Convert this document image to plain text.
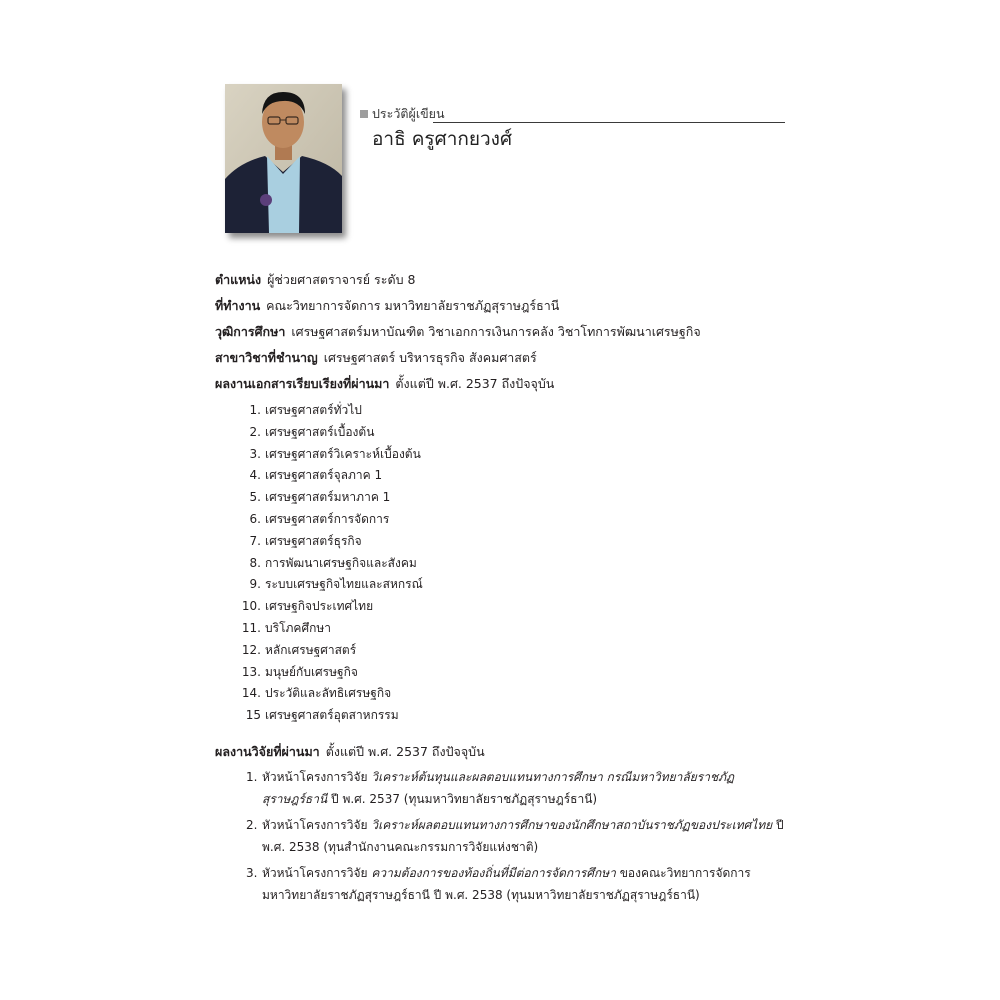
ประวัติผู้เขียน
อาธิ ครูศากยวงศ์
ตำแหน่ง ผู้ช่วยศาสตราจารย์ ระดับ 8
ที่ทำงาน คณะวิทยาการจัดการ มหาวิทยาลัยราชภัฏสุราษฎร์ธานี
วุฒิการศึกษา เศรษฐศาสตร์มหาบัณฑิต วิชาเอกการเงินการคลัง วิชาโทการพัฒนาเศรษฐกิจ
สาขาวิชาที่ชำนาญ เศรษฐศาสตร์ บริหารธุรกิจ สังคมศาสตร์
ผลงานเอกสารเรียบเรียงที่ผ่านมา ตั้งแต่ปี พ.ศ. 2537 ถึงปัจจุบัน
1. เศรษฐศาสตร์ทั่วไป
2. เศรษฐศาสตร์เบื้องต้น
3. เศรษฐศาสตร์วิเคราะห์เบื้องต้น
4. เศรษฐศาสตร์จุลภาค 1
5. เศรษฐศาสตร์มหาภาค 1
6. เศรษฐศาสตร์การจัดการ
7. เศรษฐศาสตร์ธุรกิจ
8. การพัฒนาเศรษฐกิจและสังคม
9. ระบบเศรษฐกิจไทยและสหกรณ์
10. เศรษฐกิจประเทศไทย
11. บริโภคศึกษา
12. หลักเศรษฐศาสตร์
13. มนุษย์กับเศรษฐกิจ
14. ประวัติและลัทธิเศรษฐกิจ
15 เศรษฐศาสตร์อุตสาหกรรม
ผลงานวิจัยที่ผ่านมา ตั้งแต่ปี พ.ศ. 2537 ถึงปัจจุบัน
1. หัวหน้าโครงการวิจัย วิเคราะห์ต้นทุนและผลตอบแทนทางการศึกษา กรณีมหาวิทยาลัยราชภัฏสุราษฎร์ธานี ปี พ.ศ. 2537 (ทุนมหาวิทยาลัยราชภัฏสุราษฎร์ธานี)
2. หัวหน้าโครงการวิจัย วิเคราะห์ผลตอบแทนทางการศึกษาของนักศึกษาสถาบันราชภัฏของประเทศไทย ปี พ.ศ. 2538 (ทุนสำนักงานคณะกรรมการวิจัยแห่งชาติ)
3. หัวหน้าโครงการวิจัย ความต้องการของท้องถิ่นที่มีต่อการจัดการศึกษา ของคณะวิทยาการจัดการ มหาวิทยาลัยราชภัฏสุราษฎร์ธานี ปี พ.ศ. 2538 (ทุนมหาวิทยาลัยราชภัฏสุราษฎร์ธานี)
